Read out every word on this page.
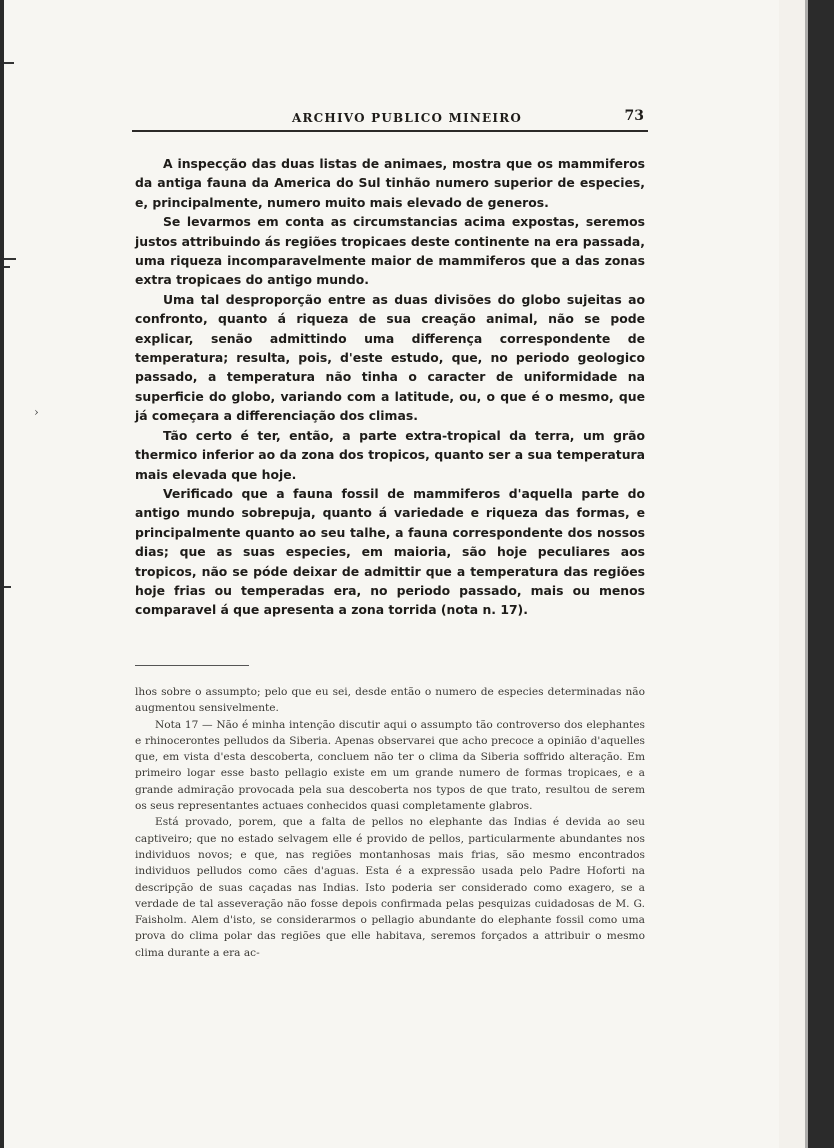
›
ARCHIVO PUBLICO MINEIRO	73

A inspecção das duas listas de animaes, mostra que os mammiferos da antiga fauna da America do Sul tinhão numero superior de especies, e, principalmente, numero muito mais elevado de generos.

Se levarmos em conta as circumstancias acima expostas, seremos justos attribuindo ás regiões tropicaes deste continente na era passada, uma riqueza incomparavelmente maior de mammiferos que a das zonas extra tropicaes do antigo mundo.

Uma tal desproporção entre as duas divisões do globo sujeitas ao confronto, quanto á riqueza de sua creação animal, não se pode explicar, senão admittindo uma differença correspondente de temperatura; resulta, pois, d'este estudo, que, no periodo geologico passado, a temperatura não tinha o caracter de uniformidade na superficie do globo, variando com a latitude, ou, o que é o mesmo, que já começara a differenciação dos climas.

Tão certo é ter, então, a parte extra-tropical da terra, um grão thermico inferior ao da zona dos tropicos, quanto ser a sua temperatura mais elevada que hoje.

Verificado que a fauna fossil de mammiferos d'aquella parte do antigo mundo sobrepuja, quanto á variedade e riqueza das formas, e principalmente quanto ao seu talhe, a fauna correspondente dos nossos dias; que as suas especies, em maioria, são hoje peculiares aos tropicos, não se póde deixar de admittir que a temperatura das regiões hoje frias ou temperadas era, no periodo passado, mais ou menos comparavel á que apresenta a zona torrida (nota n. 17).

lhos sobre o assumpto; pelo que eu sei, desde então o numero de especies determinadas não augmentou sensivelmente.

Nota 17 — Não é minha intenção discutir aqui o assumpto tão controverso dos elephantes e rhinocerontes pelludos da Siberia. Apenas observarei que acho precoce a opinião d'aquelles que, em vista d'esta descoberta, concluem não ter o clima da Siberia soffrido alteração. Em primeiro logar esse basto pellagio existe em um grande numero de formas tropicaes, e a grande admiração provocada pela sua descoberta nos typos de que trato, resultou de serem os seus representantes actuaes conhecidos quasi completamente glabros.

Está provado, porem, que a falta de pellos no elephante das Indias é devida ao seu captiveiro; que no estado selvagem elle é provido de pellos, particularmente abundantes nos individuos novos; e que, nas regiões montanhosas mais frias, são mesmo encontrados individuos pelludos como cães d'aguas. Esta é a expressão usada pelo Padre Hoforti na descripção de suas caçadas nas Indias. Isto poderia ser considerado como exagero, se a verdade de tal asseveração não fosse depois confirmada pelas pesquizas cuidadosas de M. G. Faisholm. Alem d'isto, se considerarmos o pellagio abundante do elephante fossil como uma prova do clima polar das regiões que elle habitava, seremos forçados a attribuir o mesmo clima durante a era ac-
